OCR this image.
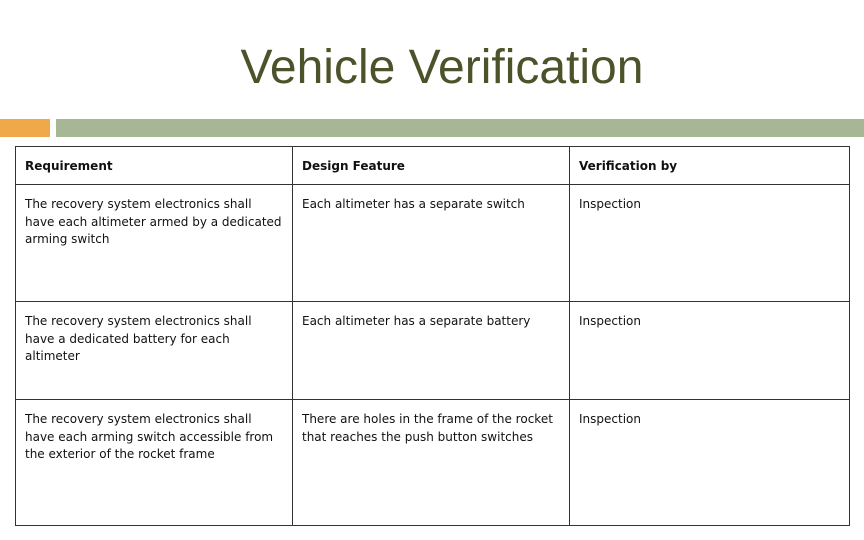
Vehicle Verification
Requirement	Design Feature	Verification by
The recovery system electronics shall have each altimeter armed by a dedicated arming switch	Each altimeter has a separate switch	Inspection
The recovery system electronics shall have a dedicated battery for each altimeter	Each altimeter has a separate battery	Inspection
The recovery system electronics shall have each arming switch accessible from the exterior of the rocket frame	There are holes in the frame of the rocket that reaches the push button switches	Inspection
